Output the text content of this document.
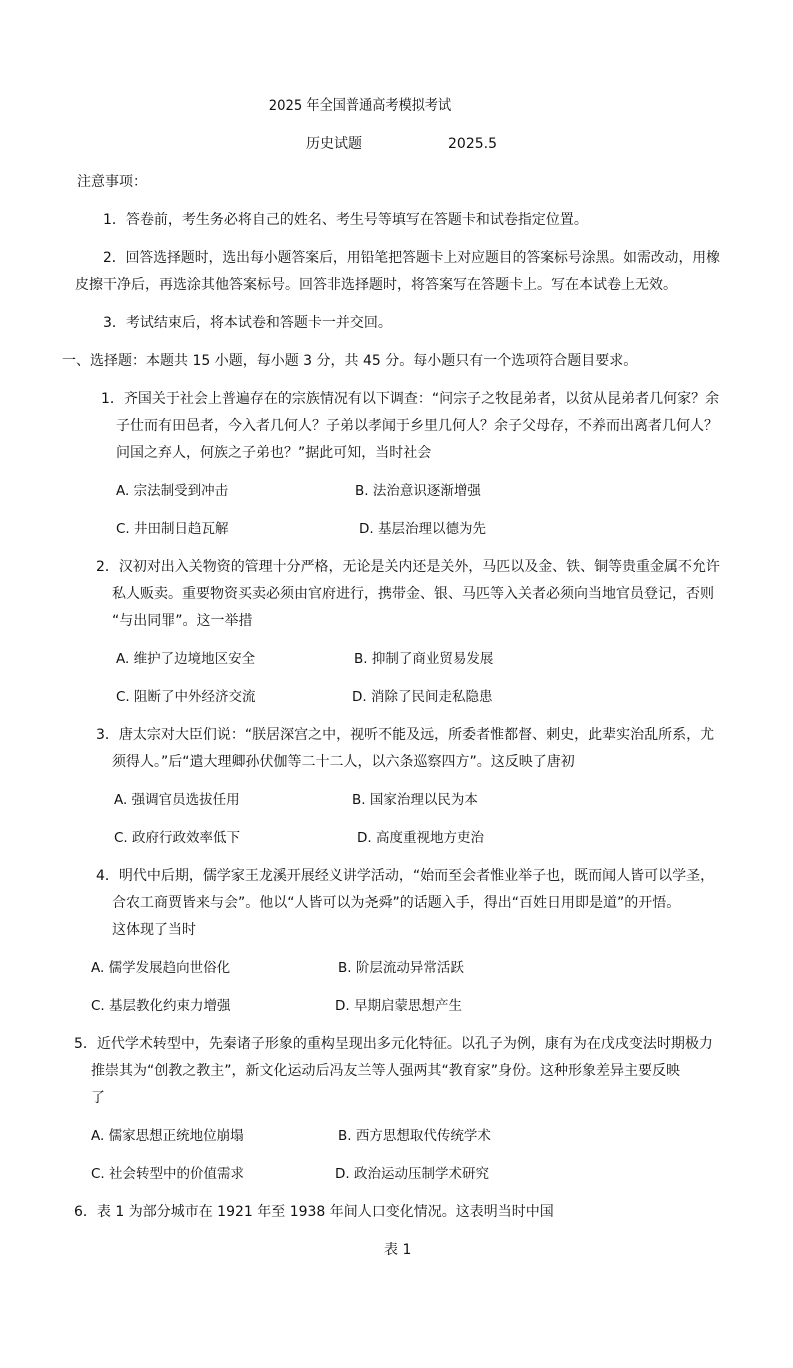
2025 年全国普通高考模拟考试
历史试题	2025.5
注意事项：
1．答卷前，考生务必将自己的姓名、考生号等填写在答题卡和试卷指定位置。
2．回答选择题时，选出每小题答案后，用铅笔把答题卡上对应题目的答案标号涂黑。如需改动，用橡
皮擦干净后，再选涂其他答案标号。回答非选择题时，将答案写在答题卡上。写在本试卷上无效。
3．考试结束后，将本试卷和答题卡一并交回。
一、选择题：本题共 15 小题，每小题 3 分，共 45 分。每小题只有一个选项符合题目要求。
1．齐国关于社会上普遍存在的宗族情况有以下调查：“问宗子之牧昆弟者，以贫从昆弟者几何家？余
子仕而有田邑者，今入者几何人？子弟以孝闻于乡里几何人？余子父母存，不养而出离者几何人？
问国之弃人，何族之子弟也？”据此可知，当时社会
A. 宗法制受到冲击	B. 法治意识逐渐增强
C. 井田制日趋瓦解	D. 基层治理以德为先
2．汉初对出入关物资的管理十分严格，无论是关内还是关外，马匹以及金、铁、铜等贵重金属不允许
私人贩卖。重要物资买卖必须由官府进行，携带金、银、马匹等入关者必须向当地官员登记，否则
“与出同罪”。这一举措
A. 维护了边境地区安全	B. 抑制了商业贸易发展
C. 阻断了中外经济交流	D. 消除了民间走私隐患
3．唐太宗对大臣们说：“朕居深宫之中，视听不能及远，所委者惟都督、刺史，此辈实治乱所系，尤
须得人。”后“遣大理卿孙伏伽等二十二人，以六条巡察四方”。这反映了唐初
A. 强调官员选拔任用	B. 国家治理以民为本
C. 政府行政效率低下	D. 高度重视地方吏治
4．明代中后期，儒学家王龙溪开展经义讲学活动，“始而至会者惟业举子也，既而闻人皆可以学圣，
合农工商贾皆来与会”。他以“人皆可以为尧舜”的话题入手，得出“百姓日用即是道”的开悟。
这体现了当时
A. 儒学发展趋向世俗化	B. 阶层流动异常活跃
C. 基层教化约束力增强	D. 早期启蒙思想产生
5．近代学术转型中，先秦诸子形象的重构呈现出多元化特征。以孔子为例，康有为在戊戌变法时期极力
推崇其为“创教之教主”，新文化运动后冯友兰等人强两其“教育家”身份。这种形象差异主要反映
了
A. 儒家思想正统地位崩塌	B. 西方思想取代传统学术
C. 社会转型中的价值需求	D. 政治运动压制学术研究
6．表 1 为部分城市在 1921 年至 1938 年间人口变化情况。这表明当时中国
表 1
